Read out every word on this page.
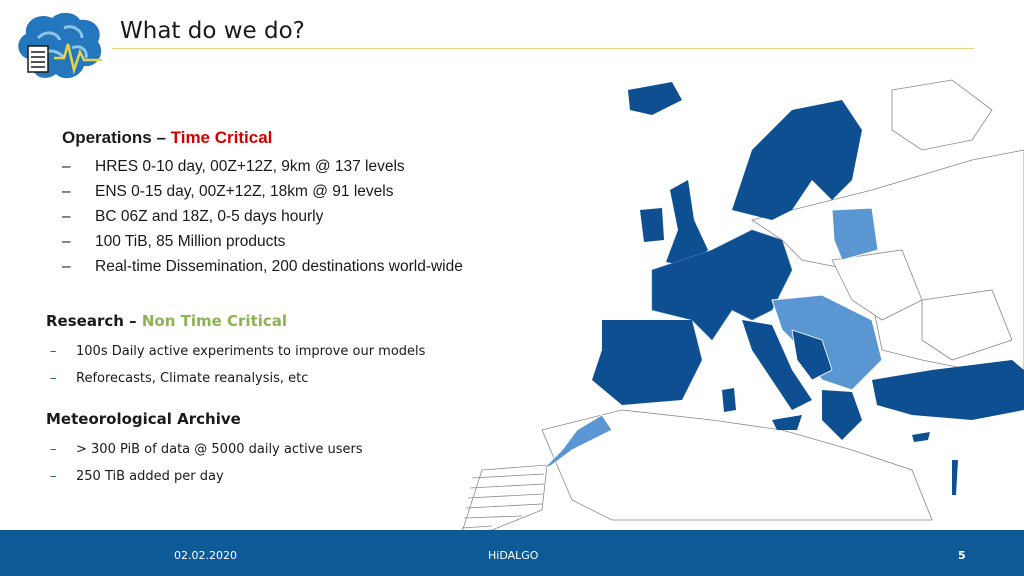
What do we do?
Operations – Time Critical
– HRES 0-10 day, 00Z+12Z, 9km @ 137 levels
– ENS 0-15 day, 00Z+12Z, 18km @ 91 levels
– BC 06Z and 18Z, 0-5 days hourly
– 100 TiB, 85 Million products
– Real-time Dissemination, 200 destinations world-wide
Research – Non Time Critical
– 100s Daily active experiments to improve our models
– Reforecasts, Climate reanalysis, etc
Meteorological Archive
– > 300 PiB of data @ 5000 daily active users
– 250 TiB added per day
02.02.2020	HiDALGO	5
